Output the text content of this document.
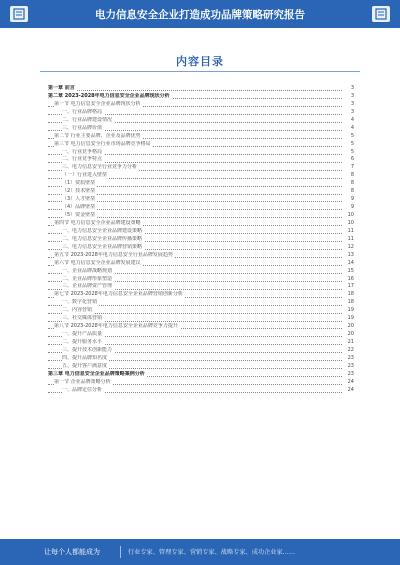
电力信息安全企业打造成功品牌策略研究报告
内容目录
第一章 前言	3
第二章 2023-2028年电力信息安全企业品牌现状分析	3
第一节 电力信息安全企业品牌现状分析	3
一、行业品牌格局	3
二、行业品牌建设情况	4
三、行业品牌价值	4
第二节 行业主要品牌、企业及品牌优势	5
第三节 电力信息安全行业市场品牌竞争格局	5
一、行业竞争格局	5
二、行业竞争特点	6
三、电力信息安全行业竞争力分析	7
（一）行业进入壁垒	8
（1）资质壁垒	8
（2）技术壁垒	8
（3）人才壁垒	9
（4）品牌壁垒	9
（5）资金壁垒	10
第四节 电力信息安全企业品牌建设策略	10
一、电力信息安全企业品牌建设策略	11
二、电力信息安全企业品牌传播策略	11
三、电力信息安全企业品牌营销策略	12
第五节 2023-2028年电力信息安全行业品牌发展趋势	13
第六节 电力信息安全企业品牌发展建议	14
一、企业品牌战略规划	15
二、企业品牌形象塑造	16
三、企业品牌资产管理	17
第七节 2023-2028年电力信息安全企业品牌营销创新分析	18
一、数字化营销	18
二、内容营销	19
三、社交媒体营销	19
第八节 2023-2028年电力信息安全企业品牌竞争力提升	20
一、提升产品质量	20
二、提升服务水平	21
三、提升技术创新能力	22
四、提升品牌知名度	23
五、提升客户满意度	23
第三章 电力信息安全企业品牌策略案例分析	23
第一节 企业品牌策略分析	24
一、品牌定位分析	24
让每个人都能成为	行业专家、管理专家、营销专家、战略专家、成功企业家……
